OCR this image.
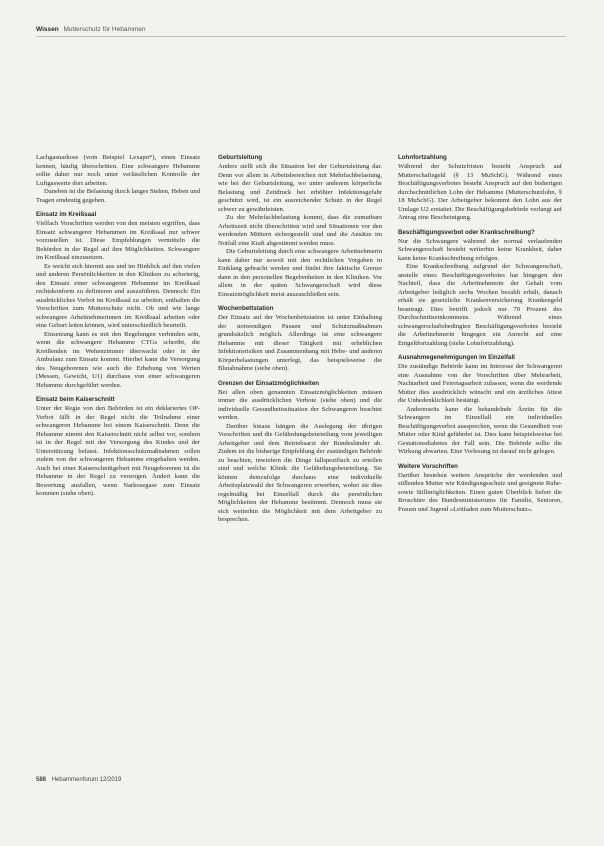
Wissen Mutterschutz für Hebammen

Lachgasnarkose (vom Beispiel Lexapn*), einen Einsatz kennen, häufig überschritten. Eine schwangere Hebamme sollte daher nur noch unter verlässlichen Kontrolle der Luftgaswerte dort arbeiten.

Daneben ist die Belastung durch langes Stehen, Heben und Tragen eindeutig gegeben.

Einsatz im Kreißsaal

Vielfach Vorschriften werden von den meisten ergriffen, dass Einsatz schwangerer Hebammen im Kreißsaal nur schwer vorzustellen ist. Diese Empfehlungen vermitteln die Behörden in der Regel auf ihre Möglichkeiten. Schwangere im Kreißsaal einzusetzen.

Es weicht sich hiermit aus und im Hinblick auf den vielen und anderen Persönlichkeiten in den Kliniken zu schwierig, den Einsatz einer schwangeren Hebamme im Kreißsaal rechtskonform zu definieren und auszuführen. Dennoch: Ein ausdrückliches Verbot im Kreißsaal zu arbeiten, enthalten die Vorschriften zum Mutterschutz nicht. Ob und wie lange schwangere Arbeitnehmerinnen im Kreißsaal arbeiten oder eine Geburt leiten können, wird unterschiedlich beurteilt.

Einsetzung kann es mit den Regelungen verbinden sein, wenn die schwangere Hebamme CTGs schreibt, die Kreißenden im Wehenzimmer überwacht oder in der Ambulanz zum Einsatz kommt. Hierbei kann die Versorgung des Neugeborenen wie auch die Erhebung von Werten (Messen, Gewicht, U1) durchaus von einer schwangeren Hebamme durchgeführt werden.

Einsatz beim Kaiserschnitt

Unter der Regie von den Behörden ist ein deklariertes OP-Verbot fällt in der Regel nicht die Teilnahme einer schwangeren Hebamme bei einem Kaiserschnitt. Denn die Hebamme nimmt den Kaiserschnitt nicht selbst vor, sondern ist in der Regel mit der Versorgung des Kindes und der Unterstützung befasst. Infektionsschutzmaßnahmen sollen zudem von der schwangeren Hebamme eingehalten werden. Auch bei einer Kaiserschnittgeburt mit Neugeborenen ist die Hebamme in der Regel zu versorgen. Ändert kann die Bewertung ausfallen, wenn Narkosegase zum Einsatz kommen (siehe oben).

Geburtsleitung

Anders stellt sich die Situation bei der Geburtsleitung dar. Denn vor allem in Arbeitsbereichen mit Mehrfachbelastung, wie bei der Geburtsleitung, wo unter anderem körperliche Belastung und Zeitdruck bei erhöhter Infektionsgefahr geschützt wird, ist ein ausreichender Schutz in der Regel schwer zu gewährleisten.

Zu der Mehrfachbelastung kommt, dass die zumutbare Arbeitszeit nicht überschritten wird und Situationen vor den werdenden Müttern sichergestellt sind und die Ansätze im Notfall eine Kraft abgestimmt werden muss.

Die Geburtsleitung durch eine schwangere Arbeitnehmerin kann daher nur soweit mit den rechtlichen Vorgaben in Einklang gebracht werden und findet ihre faktische Grenze dann in den personellen Begebenheiten in den Kliniken. Vor allem in der späten Schwangerschaft wird diese Einsatzmöglichkeit meist auszuschließen sein.

Wochenbettstation

Der Einsatz auf der Wochenbettstation ist unter Einhaltung der notwendigen Pausen und Schutzmaßnahmen grundsätzlich möglich. Allerdings ist eine schwangere Hebamme mit dieser Tätigkeit mit erheblichen Infektionsrisiken und Zusammenhang mit Hebe- und anderen Körperbelastungen unterlegt, das beispielsweise die Blutabnahme (siehe oben).

Grenzen der Einsatzmöglichkeiten

Bei allen oben genannten Einsatzmöglichkeiten müssen immer die ausdrücklichen Verbote (siehe oben) und die individuelle Gesundheitssituation der Schwangeren beachtet werden.

Darüber hinaus hängen die Auslegung der übrigen Vorschriften und die Gefährdungsbeurteilung vom jeweiligen Arbeitgeber und dem Betriebsarzt der Bundesländer ab. Zudem ist die bisherige Empfehlung der zuständigen Behörde zu beachten, inwiefern die Dinge fallspezifisch zu erteilen sind und welche Klinik die Gefährdungsbeurteilung. Sie können demzufolge durchaus eine individuelle Arbeitsplatzwahl der Schwangeren erwerben, wobei sie dies regelmäßig bei Einzelfall durch die persönlichen Möglichkeiten der Hebamme bestimmt. Dennoch muss sie sich weiterhin die Möglichkeit mit dem Arbeitgeber zu besprechen.

Lohnfortzahlung

Während der Schutzfristen besteht Anspruch auf Mutterschaftsgeld (§ 13 MuSchG). Während eines Beschäftigungsverbotes besteht Anspruch auf den bisherigen durchschnittlichen Lohn der Hebamme (Mutterschutzlohn, § 18 MuSchG). Der Arbeitgeber bekommt den Lohn aus der Umlage U2 erstattet. Die Beschäftigungsbehörde verlangt auf Antrag eine Bescheinigung.

Beschäftigungsverbot oder Krankschreibung?

Nur die Schwangere während der normal verlaufenden Schwangerschaft besteht weiterhin keine Krankheit, daher kann keine Krankschreibung erfolgen.

Eine Krankschreibung aufgrund der Schwangerschaft, anstelle eines Beschäftigungsverbotes hat hingegen den Nachteil, dass die Arbeitnehmerin der Gehalt vom Arbeitgeber lediglich sechs Wochen bezahlt erhält, danach erhält sie gesetzliche Krankenversicherung Krankengeld beantragt. Dies betrifft jedoch nur 70 Prozent des Durchschnittseinkommens. Während eines schwangerschaftsbedingten Beschäftigungsverbotes bezieht die Arbeitnehmerin hingegen ein Anrecht auf eine Entgeltfortzahlung (siehe Lohnfortzahlung).

Ausnahmegenehmigungen im Einzelfall

Die zuständige Behörde kann im Interesse der Schwangeren eine Ausnahme von der Vorschriften über Mehrarbeit, Nachtarbeit und Feiertagsarbeit zulassen, wenn die werdende Mutter dies ausdrücklich wünscht und ein ärztliches Attest die Unbedenklichkeit bestätigt.

Andererseits kann die behandelnde Ärztin für die Schwangere im Einzelfall ein individuelles Beschäftigungsverbot aussprechen, wenn die Gesundheit von Mutter oder Kind gefährdet ist. Dies kann beispielsweise bei Gestationsdiabetes der Fall sein. Die Behörde sollte die Wirkung abwarten. Eine Vorlesung ist darauf nicht gelegen.

Weitere Vorschriften

Darüber bestehen weitere Ansprüche der werdenden und stillenden Mutter wie Kündigungsschutz und geeignete Ruhe- sowie Stillmöglichkeiten. Einen guten Überblick liefert die Broschüre des Bundesministeriums für Familie, Senioren, Frauen und Jugend »Leitfaden zum Mutterschutz«.

588 Hebammenforum 12/2019
